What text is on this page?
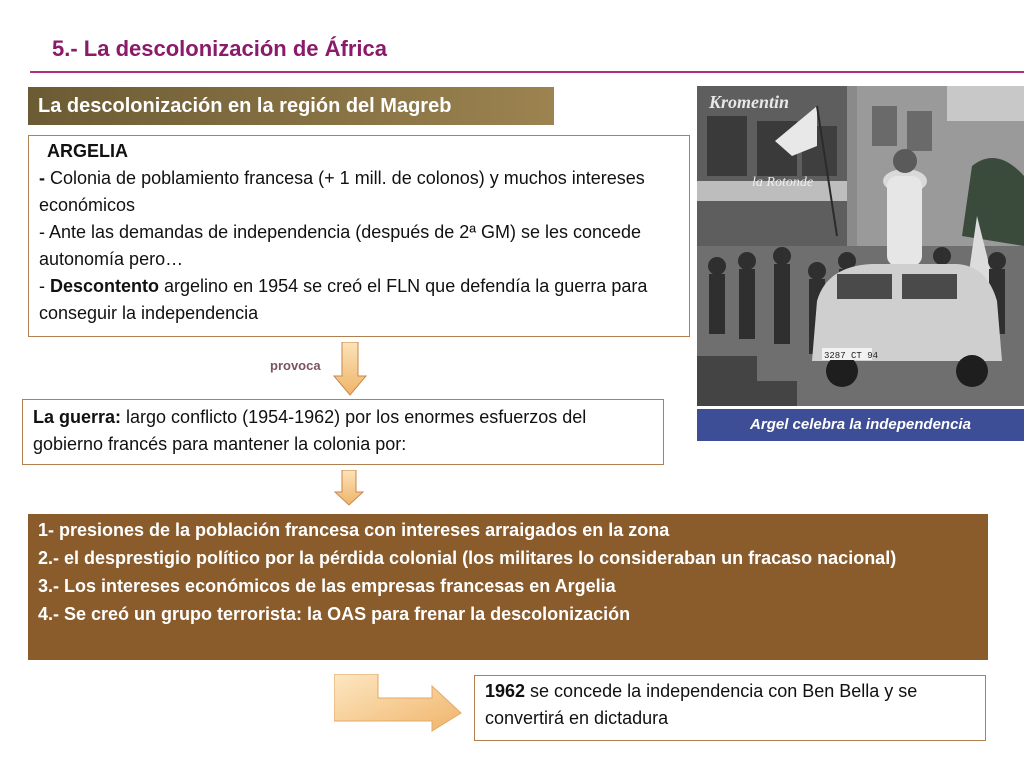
5.- La descolonización de África
La descolonización en la región del Magreb
ARGELIA
- Colonia de poblamiento francesa (+ 1 mill. de colonos) y muchos intereses económicos
- Ante las demandas de independencia (después de 2ª GM) se les concede autonomía pero…
- Descontento argelino en 1954 se creó el FLN que defendía la guerra para conseguir la independencia
provoca
La guerra: largo conflicto (1954-1962) por los enormes esfuerzos del gobierno francés para mantener la colonia por:
1- presiones de la población francesa con intereses arraigados en la zona
2.- el desprestigio político por la pérdida colonial (los militares lo consideraban un fracaso nacional)
3.- Los intereses económicos de las empresas francesas en Argelia
4.- Se creó un grupo terrorista: la OAS para frenar la descolonización
1962 se concede la independencia con Ben Bella y se convertirá en dictadura
Kromentin
la Rotonde
3287 CT 94
Argel celebra la independencia
